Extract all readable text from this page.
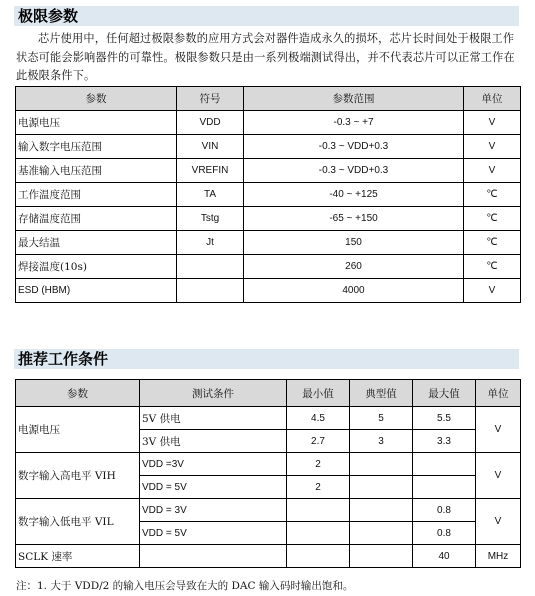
极限参数
芯片使用中，任何超过极限参数的应用方式会对器件造成永久的损坏，芯片长时间处于极限工作状态可能会影响器件的可靠性。极限参数只是由一系列极端测试得出，并不代表芯片可以正常工作在此极限条件下。
参数	符号	参数范围	单位
电源电压	VDD	-0.3 ~ +7	V
输入数字电压范围	VIN	-0.3 ~ VDD+0.3	V
基准输入电压范围	VREFIN	-0.3 ~ VDD+0.3	V
工作温度范围	TA	-40 ~ +125	℃
存储温度范围	Tstg	-65 ~ +150	℃
最大结温	Jt	150	℃
焊接温度(10s)		260	℃
ESD (HBM)		4000	V
推荐工作条件
参数	测试条件	最小值	典型值	最大值	单位
电源电压	5V 供电	4.5	5	5.5	V
	3V 供电	2.7	3	3.3	
数字输入高电平 VIH	VDD =3V	2			V
	VDD = 5V	2			
数字输入低电平 VIL	VDD = 3V			0.8	V
	VDD = 5V			0.8	
SCLK 速率				40	MHz
注：1. 大于 VDD/2 的输入电压会导致在大的 DAC 输入码时输出饱和。
